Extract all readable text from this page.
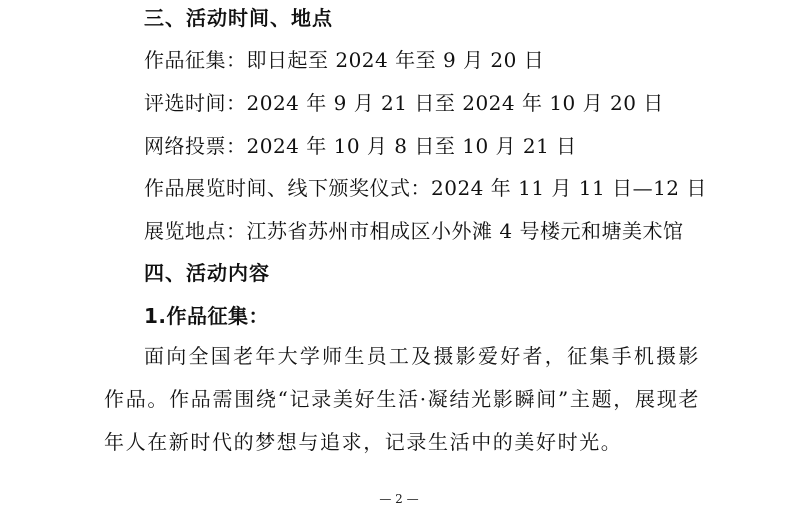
三、活动时间、地点
作品征集：即日起至 2024 年至 9 月 20 日
评选时间：2024 年 9 月 21 日至 2024 年 10 月 20 日
网络投票：2024 年 10 月 8 日至 10 月 21 日
作品展览时间、线下颁奖仪式：2024 年 11 月 11 日—12 日
展览地点：江苏省苏州市相成区小外滩 4 号楼元和塘美术馆
四、活动内容
1.作品征集：
面向全国老年大学师生员工及摄影爱好者，征集手机摄影作品。作品需围绕“记录美好生活·凝结光影瞬间”主题，展现老年人在新时代的梦想与追求，记录生活中的美好时光。
— 2 —
